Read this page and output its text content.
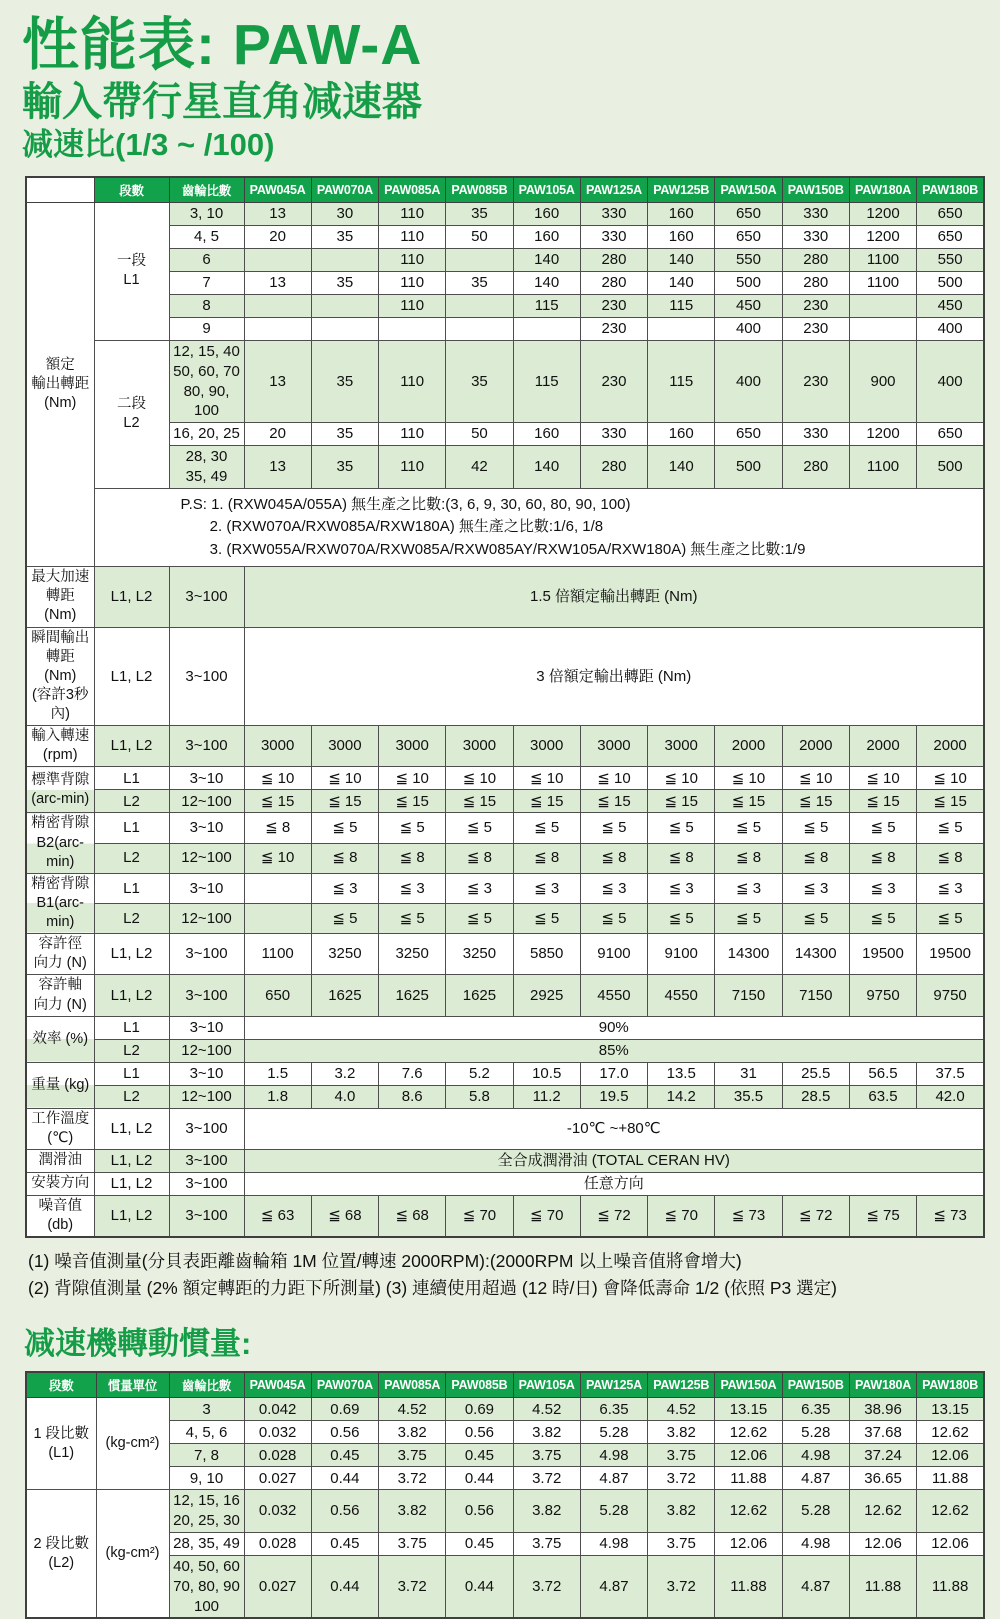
性能表: PAW-A
輸入帶行星直角减速器
减速比(1/3 ~ /100)
	段數	齒輪比數	PAW045A	PAW070A	PAW085A	PAW085B	PAW105A	PAW125A	PAW125B	PAW150A	PAW150B	PAW180A	PAW180B
額定
輸出轉距
(Nm)	一段
L1	3, 10	13	30	110	35	160	330	160	650	330	1200	650
		4, 5	20	35	110	50	160	330	160	650	330	1200	650
		6			110		140	280	140	550	280	1100	550
		7	13	35	110	35	140	280	140	500	280	1100	500
		8			110		115	230	115	450	230		450
		9						230		400	230		400
	二段
L2	12, 15, 40
50, 60, 70
80, 90, 100	13	35	110	35	115	230	115	400	230	900	400
		16, 20, 25	20	35	110	50	160	330	160	650	330	1200	650
		28, 30
35, 49	13	35	110	42	140	280	140	500	280	1100	500
	P.S: 1. (RXW045A/055A) 無生產之比數:(3, 6, 9, 30, 60, 80, 90, 100)
2. (RXW070A/RXW085A/RXW180A) 無生產之比數:1/6, 1/8
3. (RXW055A/RXW070A/RXW085A/RXW085AY/RXW105A/RXW180A) 無生產之比數:1/9												
最大加速
轉距 (Nm)	L1, L2	3~100	1.5 倍額定輸出轉距 (Nm)										
瞬間輸出
轉距 (Nm)
(容許3秒內)	L1, L2	3~100	3 倍額定輸出轉距 (Nm)										
輸入轉速
(rpm)	L1, L2	3~100	3000	3000	3000	3000	3000	3000	3000	2000	2000	2000	2000
標準背隙
(arc-min)	L1	3~10	≦ 10	≦ 10	≦ 10	≦ 10	≦ 10	≦ 10	≦ 10	≦ 10	≦ 10	≦ 10	≦ 10
	L2	12~100	≦ 15	≦ 15	≦ 15	≦ 15	≦ 15	≦ 15	≦ 15	≦ 15	≦ 15	≦ 15	≦ 15
精密背隙
B2(arc-min)	L1	3~10	≦ 8	≦ 5	≦ 5	≦ 5	≦ 5	≦ 5	≦ 5	≦ 5	≦ 5	≦ 5	≦ 5
	L2	12~100	≦ 10	≦ 8	≦ 8	≦ 8	≦ 8	≦ 8	≦ 8	≦ 8	≦ 8	≦ 8	≦ 8
精密背隙
B1(arc-min)	L1	3~10		≦ 3	≦ 3	≦ 3	≦ 3	≦ 3	≦ 3	≦ 3	≦ 3	≦ 3	≦ 3
	L2	12~100		≦ 5	≦ 5	≦ 5	≦ 5	≦ 5	≦ 5	≦ 5	≦ 5	≦ 5	≦ 5
容許徑
向力 (N)	L1, L2	3~100	1100	3250	3250	3250	5850	9100	9100	14300	14300	19500	19500
容許軸
向力 (N)	L1, L2	3~100	650	1625	1625	1625	2925	4550	4550	7150	7150	9750	9750
效率 (%)	L1	3~10	90%										
	L2	12~100	85%										
重量 (kg)	L1	3~10	1.5	3.2	7.6	5.2	10.5	17.0	13.5	31	25.5	56.5	37.5
	L2	12~100	1.8	4.0	8.6	5.8	11.2	19.5	14.2	35.5	28.5	63.5	42.0
工作溫度(℃)	L1, L2	3~100	-10℃ ~+80℃										
潤滑油	L1, L2	3~100	全合成潤滑油 (TOTAL CERAN HV)										
安裝方向	L1, L2	3~100	任意方向										
噪音值 (db)	L1, L2	3~100	≦ 63	≦ 68	≦ 68	≦ 70	≦ 70	≦ 72	≦ 70	≦ 73	≦ 72	≦ 75	≦ 73
(1) 噪音值測量(分貝表距離齒輪箱 1M 位置/轉速 2000RPM):(2000RPM 以上噪音值將會增大)
(2) 背隙值測量 (2% 額定轉距的力距下所測量) (3) 連續使用超過 (12 時/日) 會降低壽命 1/2 (依照 P3 選定)
减速機轉動慣量:
段數	慣量單位	齒輪比數	PAW045A	PAW070A	PAW085A	PAW085B	PAW105A	PAW125A	PAW125B	PAW150A	PAW150B	PAW180A	PAW180B
1 段比數
(L1)	(kg-cm²)	3	0.042	0.69	4.52	0.69	4.52	6.35	4.52	13.15	6.35	38.96	13.15
		4, 5, 6	0.032	0.56	3.82	0.56	3.82	5.28	3.82	12.62	5.28	37.68	12.62
		7, 8	0.028	0.45	3.75	0.45	3.75	4.98	3.75	12.06	4.98	37.24	12.06
		9, 10	0.027	0.44	3.72	0.44	3.72	4.87	3.72	11.88	4.87	36.65	11.88
2 段比數
(L2)	(kg-cm²)	12, 15, 16
20, 25, 30	0.032	0.56	3.82	0.56	3.82	5.28	3.82	12.62	5.28	12.62	12.62
		28, 35, 49	0.028	0.45	3.75	0.45	3.75	4.98	3.75	12.06	4.98	12.06	12.06
		40, 50, 60
70, 80, 90
100	0.027	0.44	3.72	0.44	3.72	4.87	3.72	11.88	4.87	11.88	11.88
